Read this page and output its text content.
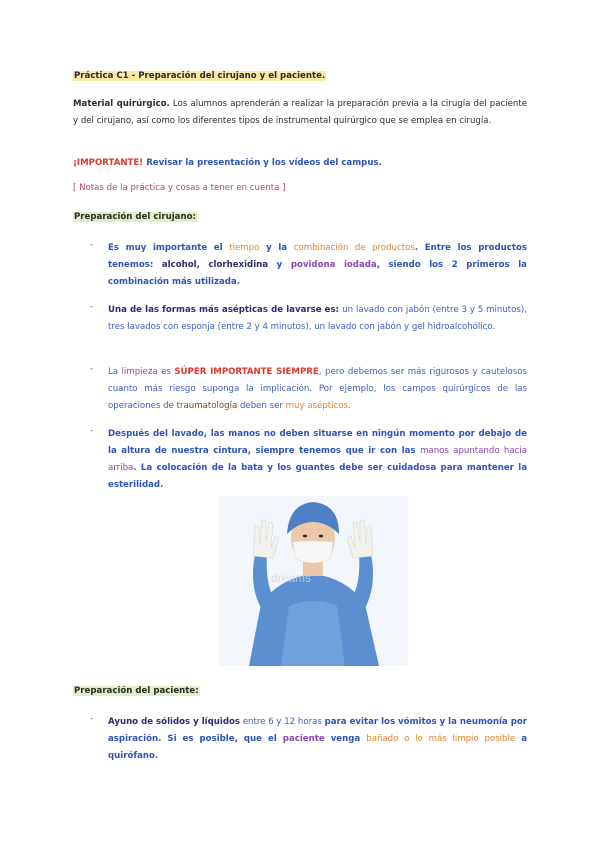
Práctica C1 - Preparación del cirujano y el paciente.
Material quirúrgico. Los alumnos aprenderán a realizar la preparación previa a la cirugía del paciente y del cirujano, así como los diferentes tipos de instrumental quirúrgico que se emplea en cirugía.
¡IMPORTANTE! Revisar la presentación y los vídeos del campus.
[ Notas de la práctica y cosas a tener en cuenta ]
Preparación del cirujano:
- Es muy importante el tiempo y la combinación de productos. Entre los productos tenemos: alcohol, clorhexidina y povidona iodada, siendo los 2 primeros la combinación más utilizada.
- Una de las formas más asépticas de lavarse es: un lavado con jabón (entre 3 y 5 minutos), tres lavados con esponja (entre 2 y 4 minutos), un lavado con jabón y gel hidroalcohólico.
- La limpieza es SÚPER IMPORTANTE SIEMPRE, pero debemos ser más rigurosos y cautelosos cuanto más riesgo suponga la implicación. Por ejemplo, los campos quirúrgicos de las operaciones de traumatología deben ser muy asépticos.
- Después del lavado, las manos no deben situarse en ningún momento por debajo de la altura de nuestra cintura, siempre tenemos que ir con las manos apuntando hacia arriba. La colocación de la bata y los guantes debe ser cuidadosa para mantener la esterilidad.
dreams
Preparación del paciente:
- Ayuno de sólidos y líquidos entre 6 y 12 horas para evitar los vómitos y la neumonía por aspiración. Si es posible, que el paciente venga bañado o lo más limpio posible a quirófano.
